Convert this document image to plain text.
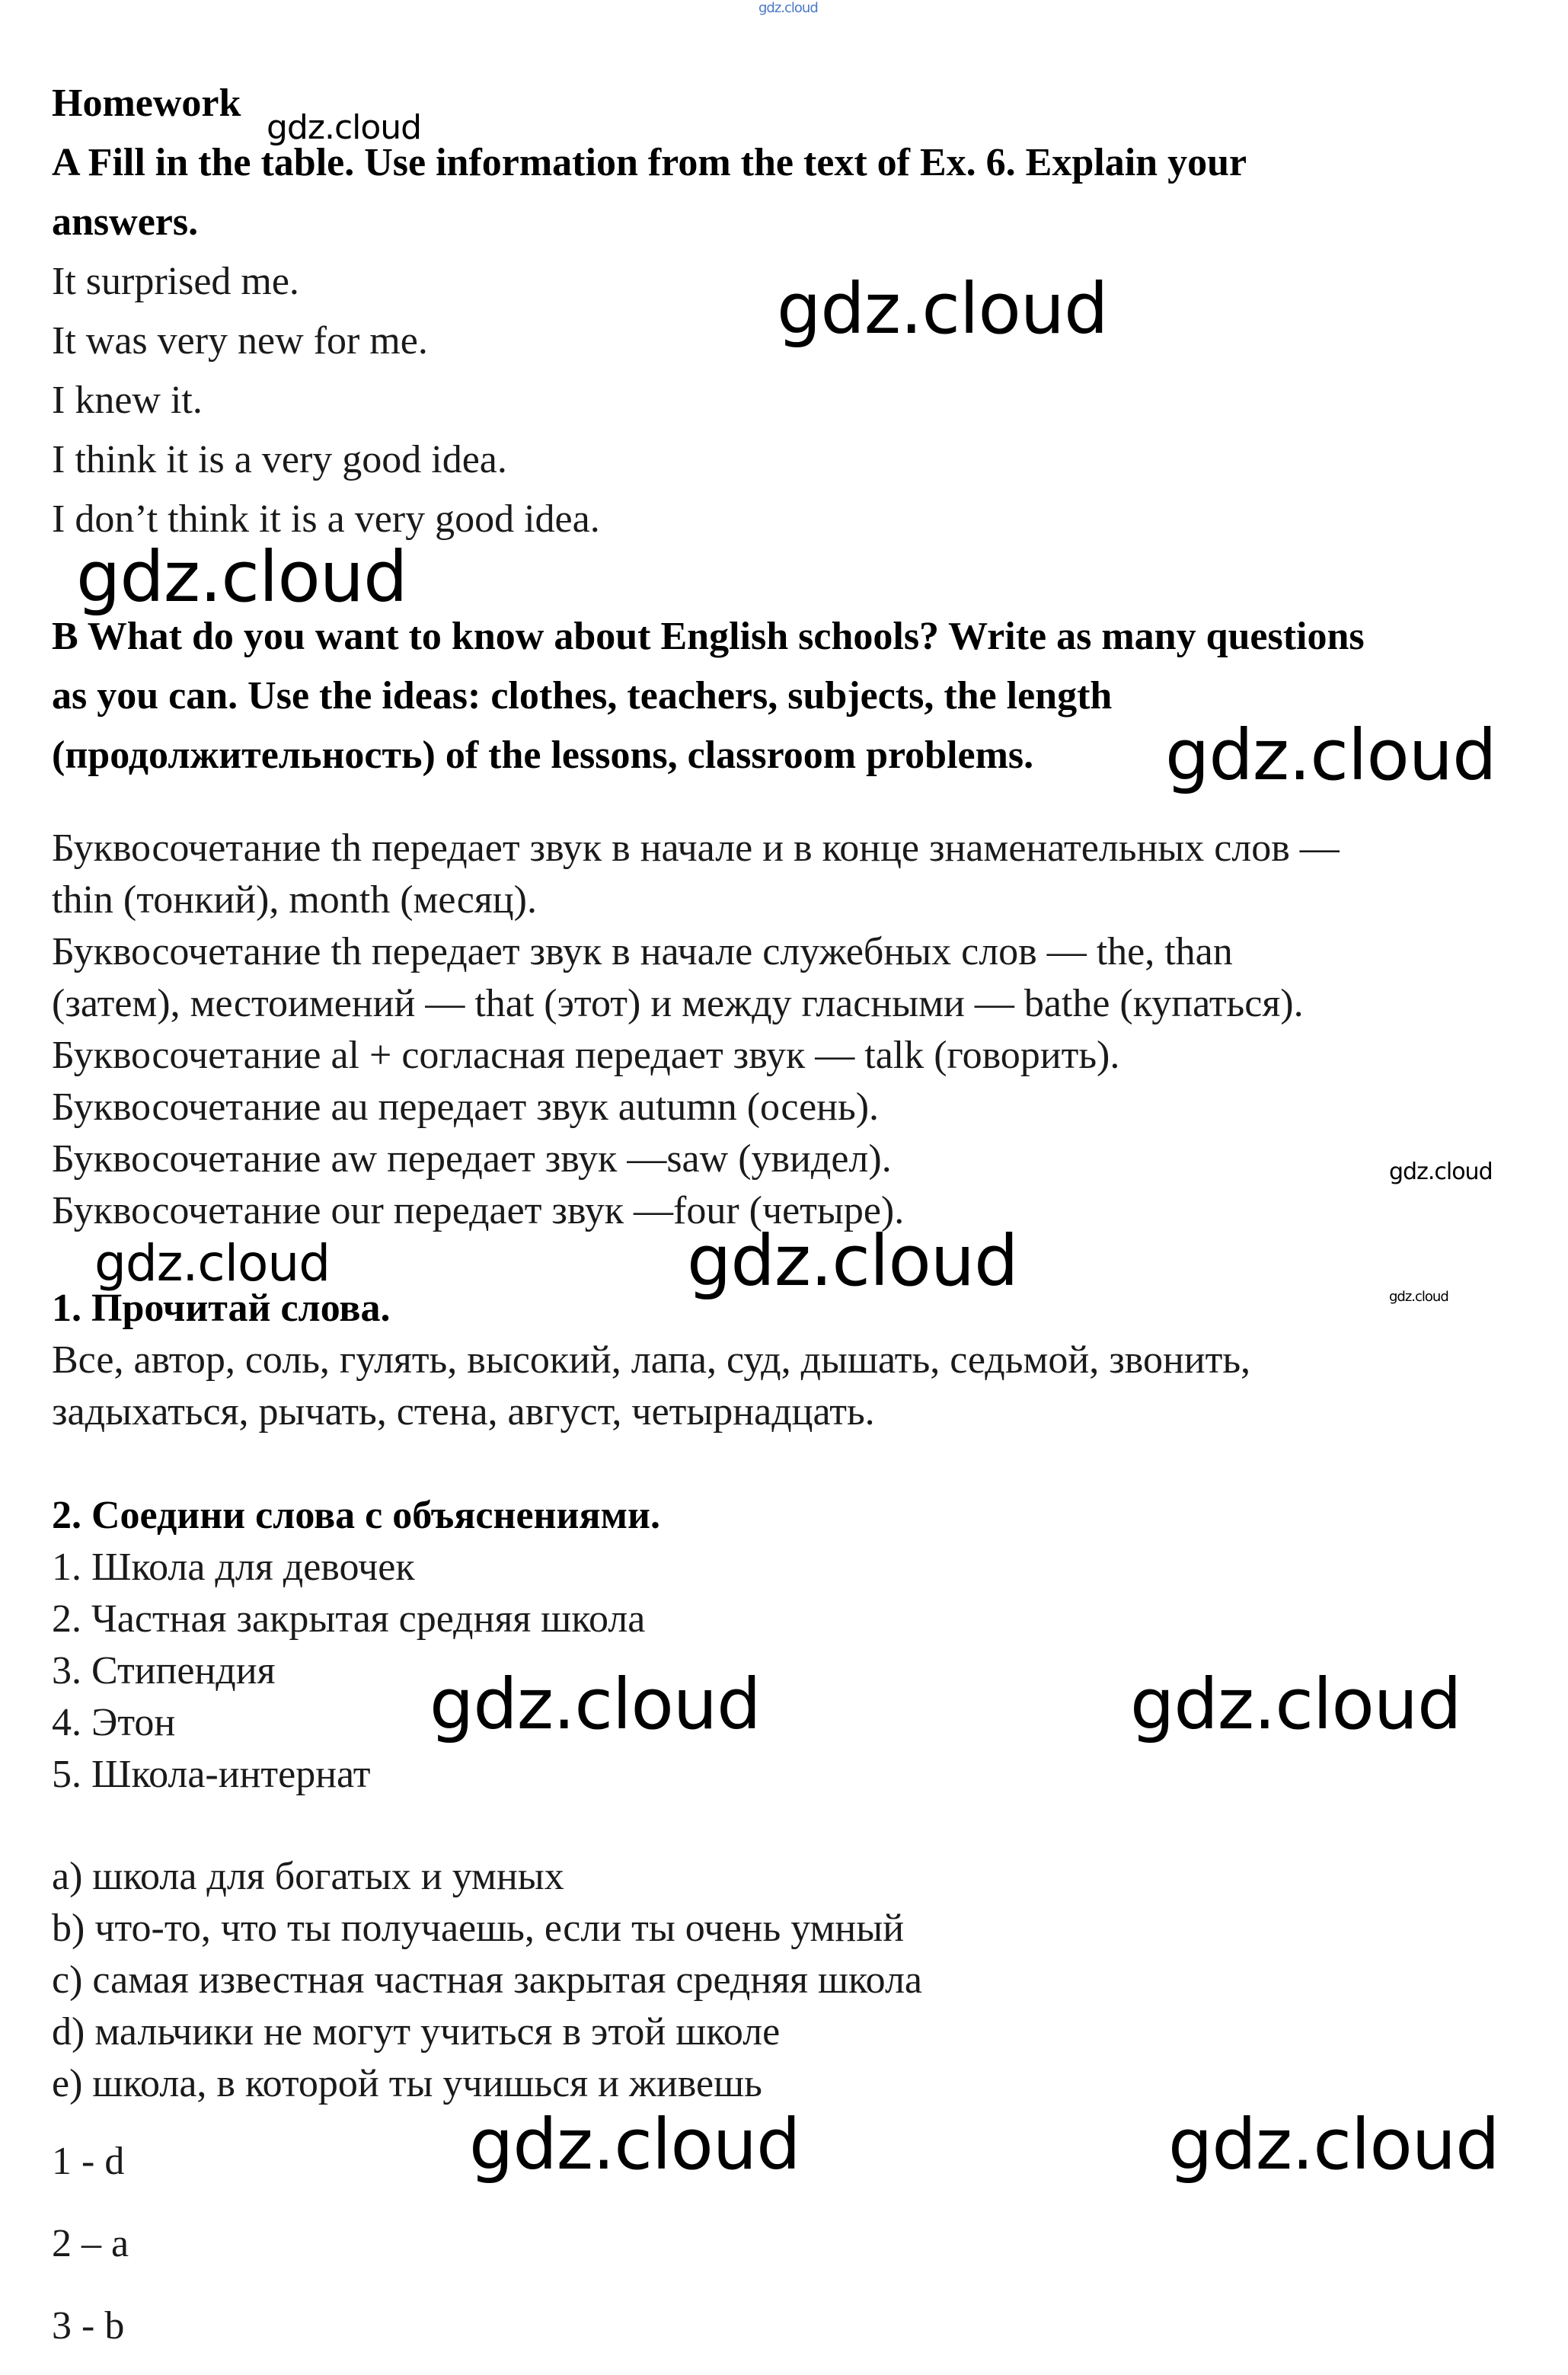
gdz.cloud

Homework

gdz.cloud

A Fill in the table. Use information from the text of Ex. 6. Explain your

answers.

It surprised me.

It was very new for me.

I knew it.

I think it is a very good idea.

I don’t think it is a very good idea.

gdz.cloud

gdz.cloud

B What do you want to know about English schools? Write as many questions

as you can. Use the ideas: clothes, teachers, subjects, the length

(продолжительность) of the lessons, classroom problems. gdz.cloud

Буквосочетание th передает звук в начале и в конце знаменательных слов —

thin (тонкий), month (месяц).

Буквосочетание th передает звук в начале служебных слов — the, than

(затем), местоимений — that (этот) и между гласными — bathe (купаться).

Буквосочетание al + согласная передает звук — talk (говорить).

Буквосочетание au передает звук autumn (осень).

Буквосочетание aw передает звук —saw (увидел).

Буквосочетание our передает звук —four (четыре).

gdz.cloud

gdz.cloud	gdz.cloud	gdz.cloud

1. Прочитай слова.

Все, автор, соль, гулять, высокий, лапа, суд, дышать, седьмой, звонить,

задыхаться, рычать, стена, август, четырнадцать.

2. Соедини слова с объяснениями.

1. Школа для девочек

2. Частная закрытая средняя школа

3. Стипендия

4. Этон

5. Школа-интернат

gdz.cloud	gdz.cloud

a) школа для богатых и умных

b) что-то, что ты получаешь, если ты очень умный

c) самая известная частная закрытая средняя школа

d) мальчики не могут учиться в этой школе

e) школа, в которой ты учишься и живешь

1 - d

2 – a

3 - b

gdz.cloud	gdz.cloud
